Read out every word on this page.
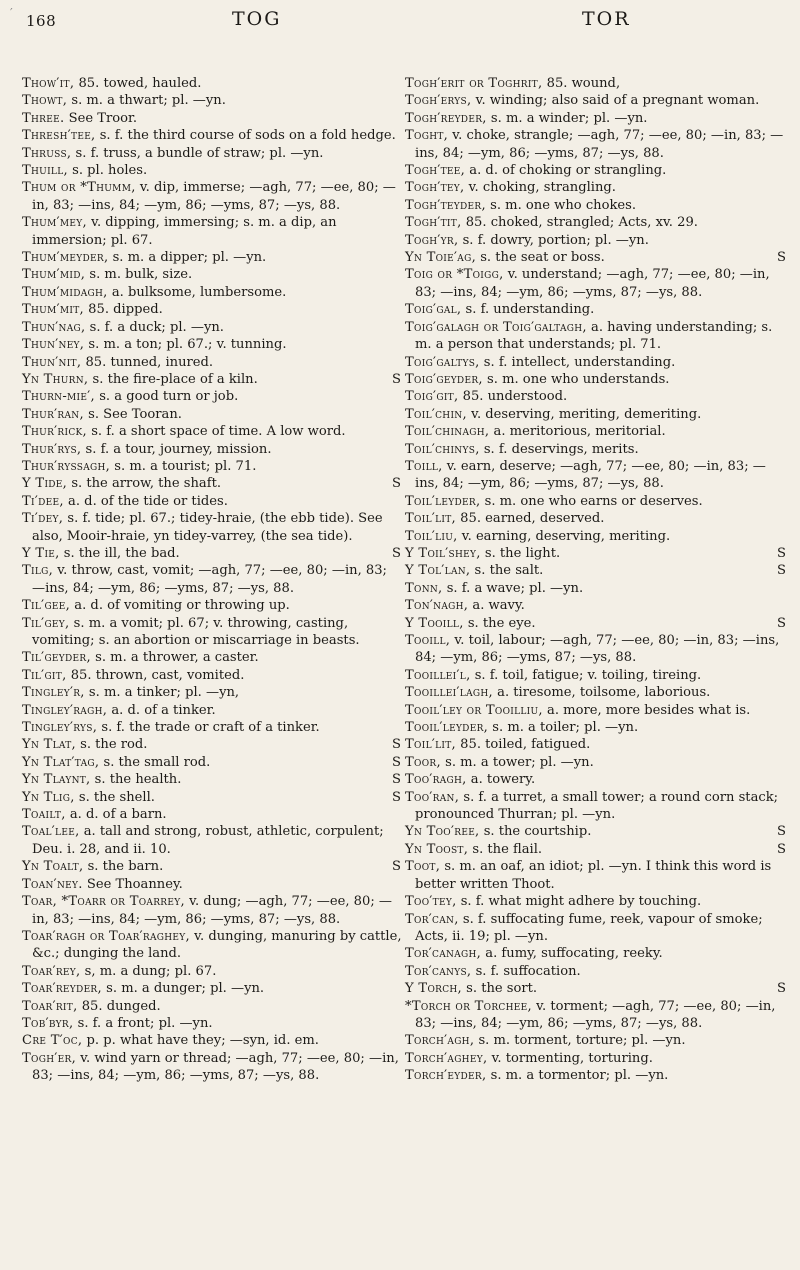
′ 168	TOG	TOR

Thow′it, 85. towed, hauled.

Thowt, s. m. a thwart; pl. —yn.

Three. See Troor.

Thresh′tee, s. f. the third course of sods on a fold hedge.

Thruss, s. f. truss, a bundle of straw; pl. —yn.

Thuill, s. pl. holes.

Thum or *Thumm, v. dip, immerse; —agh, 77; —ee, 80; —in, 83; —ins, 84; —ym, 86; —yms, 87; —ys, 88.

Thum′mey, v. dipping, immersing; s. m. a dip, an immersion; pl. 67.

Thum′meyder, s. m. a dipper; pl. —yn.

Thum′mid, s. m. bulk, size.

Thum′midagh, a. bulksome, lumbersome.

Thum′mit, 85. dipped.

Thun′nag, s. f. a duck; pl. —yn.

Thun′ney, s. m. a ton; pl. 67.; v. tunning.

Thun′nit, 85. tunned, inured.

S
Yn Thurn, s. the fire-place of a kiln.

Thurn-mie′, s. a good turn or job.

Thur′ran, s. See Tooran.

Thur′rick, s. f. a short space of time. A low word.

Thur′rys, s. f. a tour, journey, mission.

Thur′ryssagh, s. m. a tourist; pl. 71.

S
Y Tide, s. the arrow, the shaft.

Ti′dee, a. d. of the tide or tides.

Ti′dey, s. f. tide; pl. 67.; tidey-hraie, (the ebb tide). See also, Mooir-hraie, yn tidey-varrey, (the sea tide).

S
Y Tie, s. the ill, the bad.

Tilg, v. throw, cast, vomit; —agh, 77; —ee, 80; —in, 83; —ins, 84; —ym, 86; —yms, 87; —ys, 88.

Til′gee, a. d. of vomiting or throwing up.

Til′gey, s. m. a vomit; pl. 67; v. throwing, casting, vomiting; s. an abortion or miscarriage in beasts.

Til′geyder, s. m. a thrower, a caster.

Til′git, 85. thrown, cast, vomited.

Tingley′r, s. m. a tinker; pl. —yn,

Tingley′ragh, a. d. of a tinker.

Tingley′rys, s. f. the trade or craft of a tinker.

S
Yn Tlat, s. the rod.

S
Yn Tlat′tag, s. the small rod.

S
Yn Tlaynt, s. the health.

S
Yn Tlig, s. the shell.

Toailt, a. d. of a barn.

Toal′lee, a. tall and strong, robust, athletic, corpulent; Deu. i. 28, and ii. 10.

S
Yn Toalt, s. the barn.

Toan′ney. See Thoanney.

Toar, *Toarr or Toarrey, v. dung; —agh, 77; —ee, 80; —in, 83; —ins, 84; —ym, 86; —yms, 87; —ys, 88.

Toar′ragh or Toar′raghey, v. dunging, manuring by cattle, &c.; dunging the land.

Toar′rey, s, m. a dung; pl. 67.

Toar′reyder, s. m. a dunger; pl. —yn.

Toar′rit, 85. dunged.

Tob′byr, s. f. a front; pl. —yn.

Cre T′oc, p. p. what have they; —syn, id. em.

Togh′er, v. wind yarn or thread; —agh, 77; —ee, 80; —in, 83; —ins, 84; —ym, 86; —yms, 87; —ys, 88.

Togh′erit or Toghrit, 85. wound,

Togh′erys, v. winding; also said of a pregnant woman.

Togh′reyder, s. m. a winder; pl. —yn.

Toght, v. choke, strangle; —agh, 77; —ee, 80; —in, 83; —ins, 84; —ym, 86; —yms, 87; —ys, 88.

Togh′tee, a. d. of choking or strangling.

Togh′tey, v. choking, strangling.

Togh′teyder, s. m. one who chokes.

Togh′tit, 85. choked, strangled; Acts, xv. 29.

Togh′yr, s. f. dowry, portion; pl. —yn.

S
Yn Toie′ag, s. the seat or boss.

Toig or *Toigg, v. understand; —agh, 77; —ee, 80; —in, 83; —ins, 84; —ym, 86; —yms, 87; —ys, 88.

Toig′gal, s. f. understanding.

Toig′galagh or Toig′galtagh, a. having understanding; s. m. a person that understands; pl. 71.

Toig′galtys, s. f. intellect, understanding.

Toig′geyder, s. m. one who understands.

Toig′git, 85. understood.

Toil′chin, v. deserving, meriting, demeriting.

Toil′chinagh, a. meritorious, meritorial.

Toil′chinys, s. f. deservings, merits.

Toill, v. earn, deserve; —agh, 77; —ee, 80; —in, 83; —ins, 84; —ym, 86; —yms, 87; —ys, 88.

Toil′leyder, s. m. one who earns or deserves.

Toil′lit, 85. earned, deserved.

Toil′liu, v. earning, deserving, meriting.

S
Y Toil′shey, s. the light.

S
Y Tol′lan, s. the salt.

Tonn, s. f. a wave; pl. —yn.

Ton′nagh, a. wavy.

S
Y Tooill, s. the eye.

Tooill, v. toil, labour; —agh, 77; —ee, 80; —in, 83; —ins, 84; —ym, 86; —yms, 87; —ys, 88.

Tooillei′l, s. f. toil, fatigue; v. toiling, tireing.

Tooillei′lagh, a. tiresome, toilsome, laborious.

Tooil′ley or Tooilliu, a. more, more besides what is.

Tooil′leyder, s. m. a toiler; pl. —yn.

Toil′lit, 85. toiled, fatigued.

Toor, s. m. a tower; pl. —yn.

Too′ragh, a. towery.

Too′ran, s. f. a turret, a small tower; a round corn stack; pronounced Thurran; pl. —yn.

S
Yn Too′ree, s. the courtship.

S
Yn Toost, s. the flail.

Toot, s. m. an oaf, an idiot; pl. —yn. I think this word is better written Thoot.

Too′tey, s. f. what might adhere by touching.

Tor′can, s. f. suffocating fume, reek, vapour of smoke; Acts, ii. 19; pl. —yn.

Tor′canagh, a. fumy, suffocating, reeky.

Tor′canys, s. f. suffocation.

S
Y Torch, s. the sort.

*Torch or Torchee, v. torment; —agh, 77; —ee, 80; —in, 83; —ins, 84; —ym, 86; —yms, 87; —ys, 88.

Torch′agh, s. m. torment, torture; pl. —yn.

Torch′aghey, v. tormenting, torturing.

Torch′eyder, s. m. a tormentor; pl. —yn.
